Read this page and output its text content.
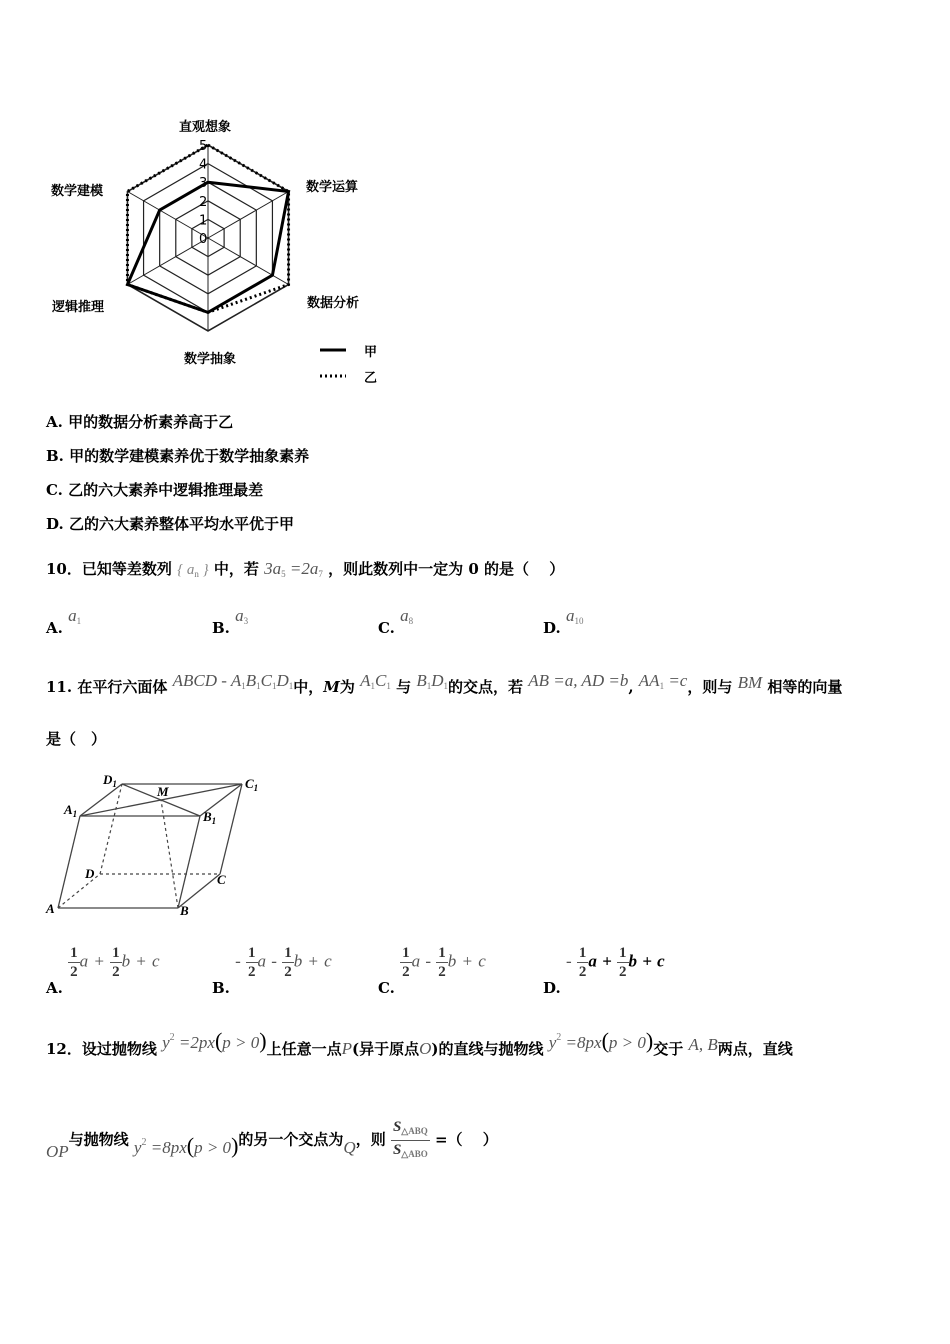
0
1
2
3
4
5
直观想象
数学运算
数据分析
数学抽象
逻辑推理
数学建模
甲
乙
A. 甲的数据分析素养高于乙
B. 甲的数学建模素养优于数学抽象素养
C. 乙的六大素养中逻辑推理最差
D. 乙的六大素养整体平均水平优于甲
10．已知等差数列 { $a_n$ } 中，若 $3a_5 =2a_7$ ，则此数列中一定为 0 的是（　 ）
A. $a_1$	B. $a_3$	C. $a_8$	D. $a_{10}$
11. 在平行六面体 ABCD - $A_1B_1C_1D_1$中，M为 $A_1C_1$ 与 $B_1D_1$的交点，若 AB =a, AD =b, $AA_1 =c$，则与 BM 相等的向量
是（　）
$D_1$	$C_1$
$A_1$	$B_1$
M
D	C
A	B
A.
$\frac{1}{2}$ $a + \frac{1}{2}$ b + c
B. - $\frac{1}{2}$ a - $\frac{1}{2}$ b + c
C.
$\frac{1}{2}$ a - $\frac{1}{2}$ b + c
D. - $\frac{1}{2}$ $a + \frac{1}{2}$ b + c
12．设过抛物线 $y^2 =2px(p > 0)$上任意一点P(异于原点O)的直线与抛物线 $y^2 =8px(p > 0)$交于 A, B两点，直线
OP与抛物线 $y^2 =8px(p > 0)$的另一个交点为Q，则 $\frac{S_{\triangle ABQ}}{S_{\triangle ABO}}$ =（　 ）
